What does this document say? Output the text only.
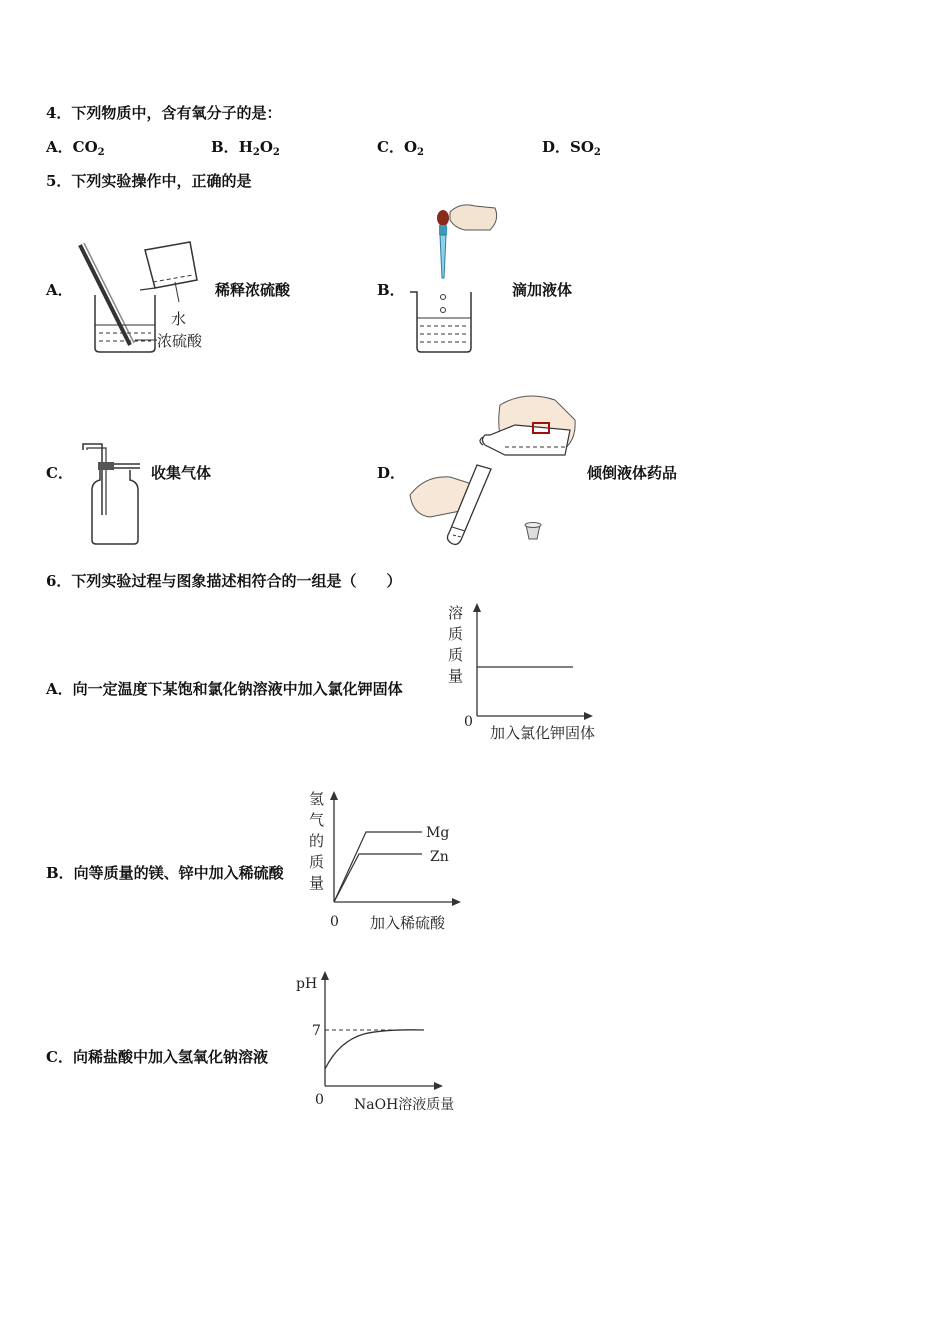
4．下列物质中，含有氧分子的是：
A．$CO_2$	B．$H_2O_2$	C．$O_2$	D．$SO_2$
5．下列实验操作中，正确的是
A．
水
浓硫酸
稀释浓硫酸	B．	滴加液体
C．	收集气体	D．	倾倒液体药品
6．下列实验过程与图象描述相符合的一组是（　　）
A．向一定温度下某饱和氯化钠溶液中加入氯化钾固体
溶
质
质
量
0
加入氯化钾固体
B．向等质量的镁、锌中加入稀硫酸
氢
气
的
质
量
Mg
Zn
0 加入稀硫酸
C．向稀盐酸中加入氢氧化钠溶液
pH
7
0 NaOH溶液质量
